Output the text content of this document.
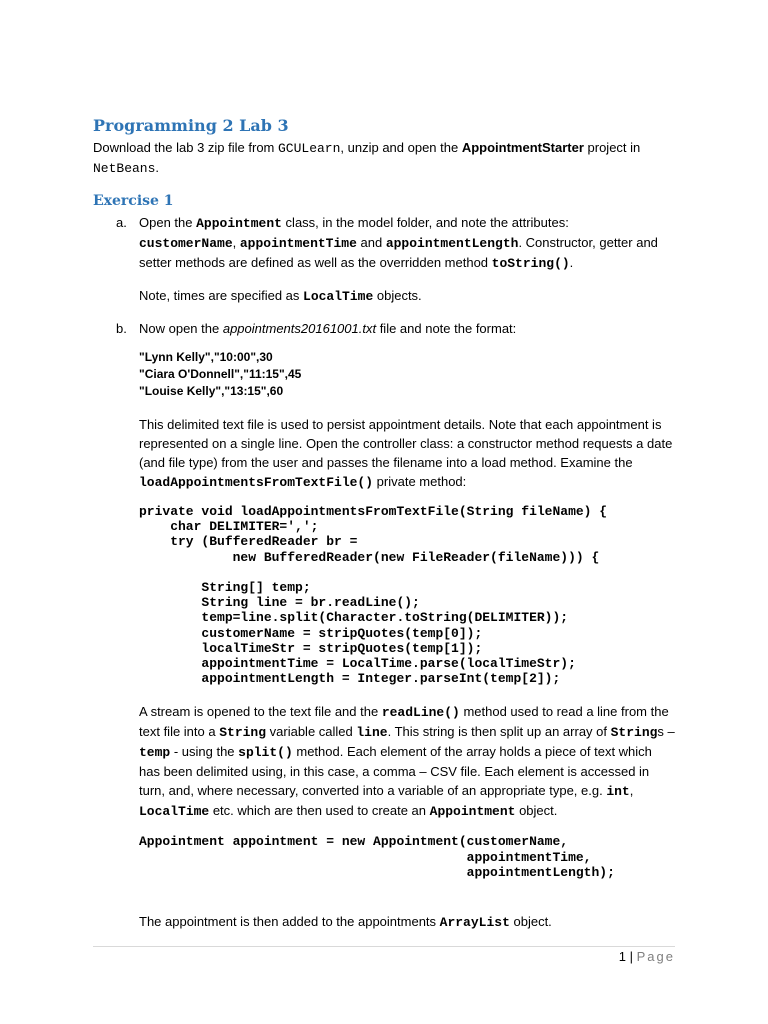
Programming 2 Lab 3

Download the lab 3 zip file from GCULearn, unzip and open the AppointmentStarter project in
NetBeans.

Exercise 1
a. Open the Appointment class, in the model folder, and note the attributes:
customerName, appointmentTime and appointmentLength. Constructor, getter and setter methods are defined as well as the overridden method toString().

Note, times are specified as LocalTime objects.

b. Now open the appointments20161001.txt file and note the format:

"Lynn Kelly","10:00",30
"Ciara O'Donnell","11:15",45
"Louise Kelly","13:15",60

This delimited text file is used to persist appointment details. Note that each appointment is represented on a single line. Open the controller class: a constructor method requests a date (and file type) from the user and passes the filename into a load method. Examine the loadAppointmentsFromTextFile() private method:

private void loadAppointmentsFromTextFile(String fileName) {
char DELIMITER=',';
try (BufferedReader br =
new BufferedReader(new FileReader(fileName))) {

String[] temp;
String line = br.readLine();
temp=line.split(Character.toString(DELIMITER));
customerName = stripQuotes(temp[0]);
localTimeStr = stripQuotes(temp[1]);
appointmentTime = LocalTime.parse(localTimeStr);
appointmentLength = Integer.parseInt(temp[2]);

A stream is opened to the text file and the readLine() method used to read a line from the text file into a String variable called line. This string is then split up an array of Strings – temp - using the split() method. Each element of the array holds a piece of text which has been delimited using, in this case, a comma – CSV file. Each element is accessed in turn, and, where necessary, converted into a variable of an appropriate type, e.g. int, LocalTime etc. which are then used to create an Appointment object.

Appointment appointment = new Appointment(customerName,
appointmentTime,
appointmentLength);

The appointment is then added to the appointments ArrayList object.

1 | Page
